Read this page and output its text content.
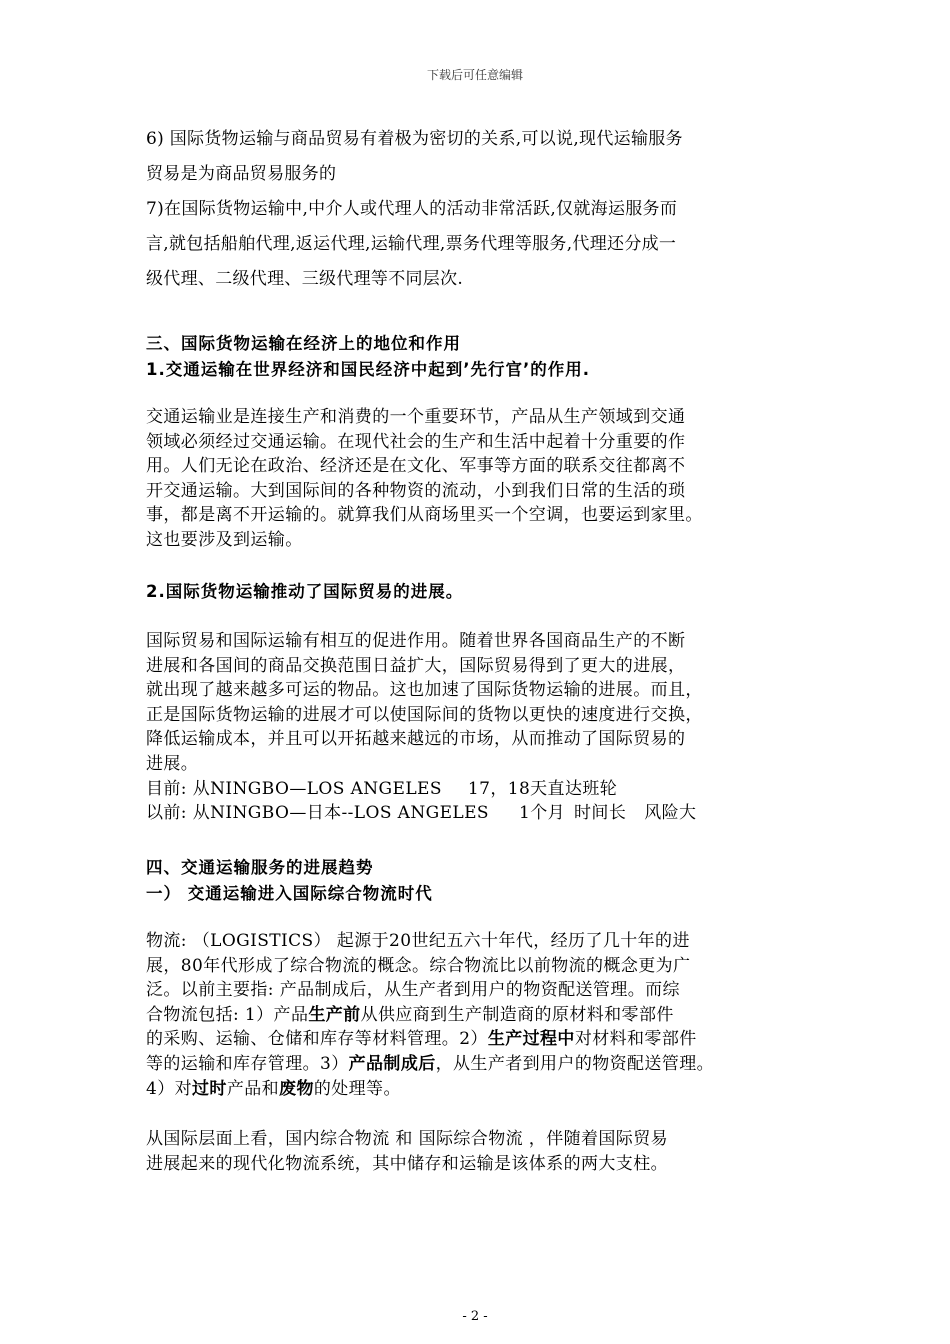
下载后可任意编辑

6) 国际货物运输与商品贸易有着极为密切的关系,可以说,现代运输服务

贸易是为商品贸易服务的

7)在国际货物运输中,中介人或代理人的活动非常活跃,仅就海运服务而

言,就包括船舶代理,返运代理,运输代理,票务代理等服务,代理还分成一

级代理、二级代理、三级代理等不同层次.

三、国际货物运输在经济上的地位和作用

1.交通运输在世界经济和国民经济中起到’先行官’的作用.

交通运输业是连接生产和消费的一个重要环节，产品从生产领域到交通

领域必须经过交通运输。在现代社会的生产和生活中起着十分重要的作

用。人们无论在政治、经济还是在文化、军事等方面的联系交往都离不

开交通运输。大到国际间的各种物资的流动，小到我们日常的生活的琐

事，都是离不开运输的。就算我们从商场里买一个空调，也要运到家里。

这也要涉及到运输。

2.国际货物运输推动了国际贸易的进展。

国际贸易和国际运输有相互的促进作用。随着世界各国商品生产的不断

进展和各国间的商品交换范围日益扩大，国际贸易得到了更大的进展，

就出现了越来越多可运的物品。这也加速了国际货物运输的进展。而且，

正是国际货物运输的进展才可以使国际间的货物以更快的速度进行交换，

降低运输成本，并且可以开拓越来越远的市场，从而推动了国际贸易的

进展。

目前: 从NINGBO—LOS ANGELES 17，18天直达班轮

以前: 从NINGBO—日本--LOS ANGELES 1个月 时间长 风险大

四、交通运输服务的进展趋势

一） 交通运输进入国际综合物流时代

物流: （LOGISTICS） 起源于20世纪五六十年代，经历了几十年的进

展，80年代形成了综合物流的概念。综合物流比以前物流的概念更为广

泛。以前主要指: 产品制成后，从生产者到用户的物资配送管理。而综

合物流包括: 1）产品生产前从供应商到生产制造商的原材料和零部件

的采购、运输、仓储和库存等材料管理。2）生产过程中对材料和零部件

等的运输和库存管理。3）产品制成后，从生产者到用户的物资配送管理。

4）对过时产品和废物的处理等。

从国际层面上看，国内综合物流 和 国际综合物流 ，伴随着国际贸易

进展起来的现代化物流系统，其中储存和运输是该体系的两大支柱。

- 2 -
